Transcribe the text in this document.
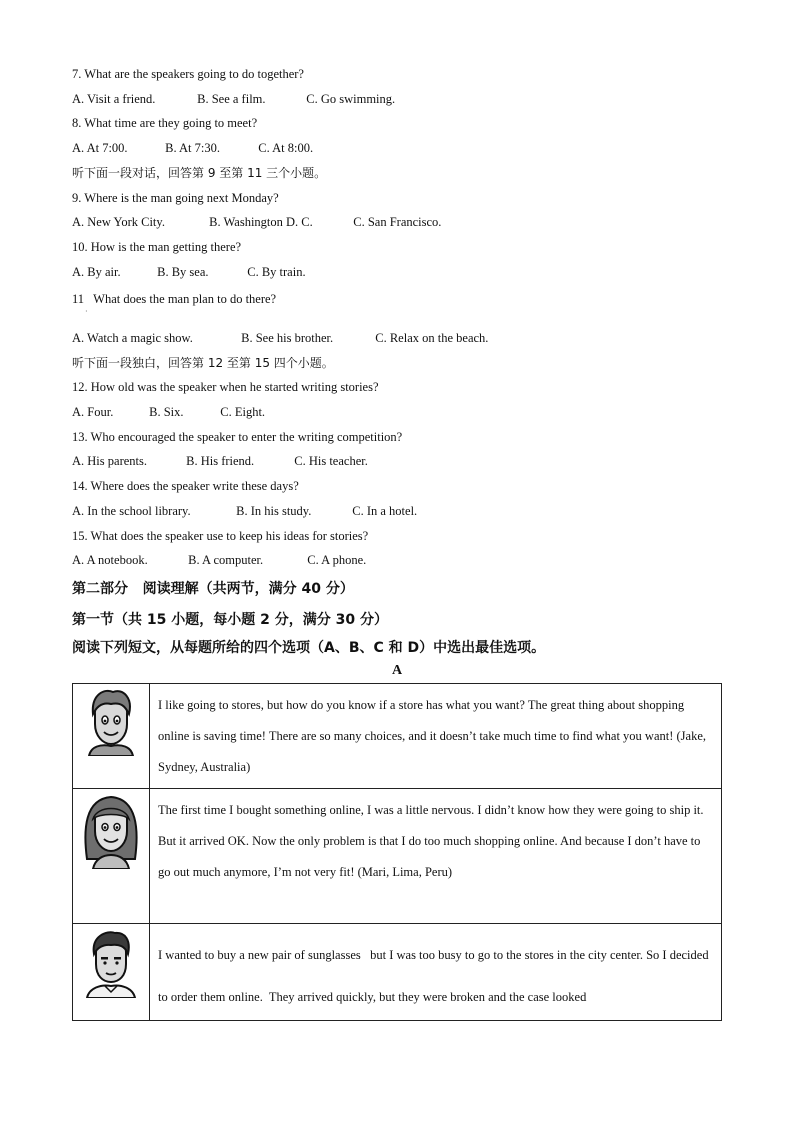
7. What are the speakers going to do together?
A. Visit a friend.	B. See a film.	C. Go swimming.
8. What time are they going to meet?
A. At 7:00.	B. At 7:30.	C. At 8:00.
听下面一段对话，回答第 9 至第 11 三个小题。
9. Where is the man going next Monday?
A. New York City.	B. Washington D. C.	C. San Francisco.
10. How is the man getting there?
A. By air.	B. By sea.	C. By train.
11   What does the man plan to do there?
·
A. Watch a magic show.	B. See his brother.	C. Relax on the beach.
听下面一段独白，回答第 12 至第 15 四个小题。
12. How old was the speaker when he started writing stories?
A. Four.	B. Six.	C. Eight.
13. Who encouraged the speaker to enter the writing competition?
A. His parents.	B. His friend.	C. His teacher.
14. Where does the speaker write these days?
A. In the school library.	B. In his study.	C. In a hotel.
15. What does the speaker use to keep his ideas for stories?
A. A notebook.	B. A computer.	C. A phone.
第二部分   阅读理解（共两节，满分 40 分）
第一节（共 15 小题，每小题 2 分，满分 30 分）
阅读下列短文，从每题所给的四个选项（A、B、C 和 D）中选出最佳选项。
A

I like going to stores, but how do you know if a store has what you want? The great thing about shopping online is saving time! There are so many choices, and it doesn’t take much time to find what you want! (Jake, Sydney, Australia)

The first time I bought something online, I was a little nervous. I didn’t know how they were going to ship it. But it arrived OK. Now the only problem is that I do too much shopping online. And because I don’t have to go out much anymore, I’m not very fit! (Mari, Lima, Peru)

I wanted to buy a new pair of sunglasses   but I was too busy to go to the stores in the city center. So I decided to order them online.  They arrived quickly, but they were broken and the case looked
